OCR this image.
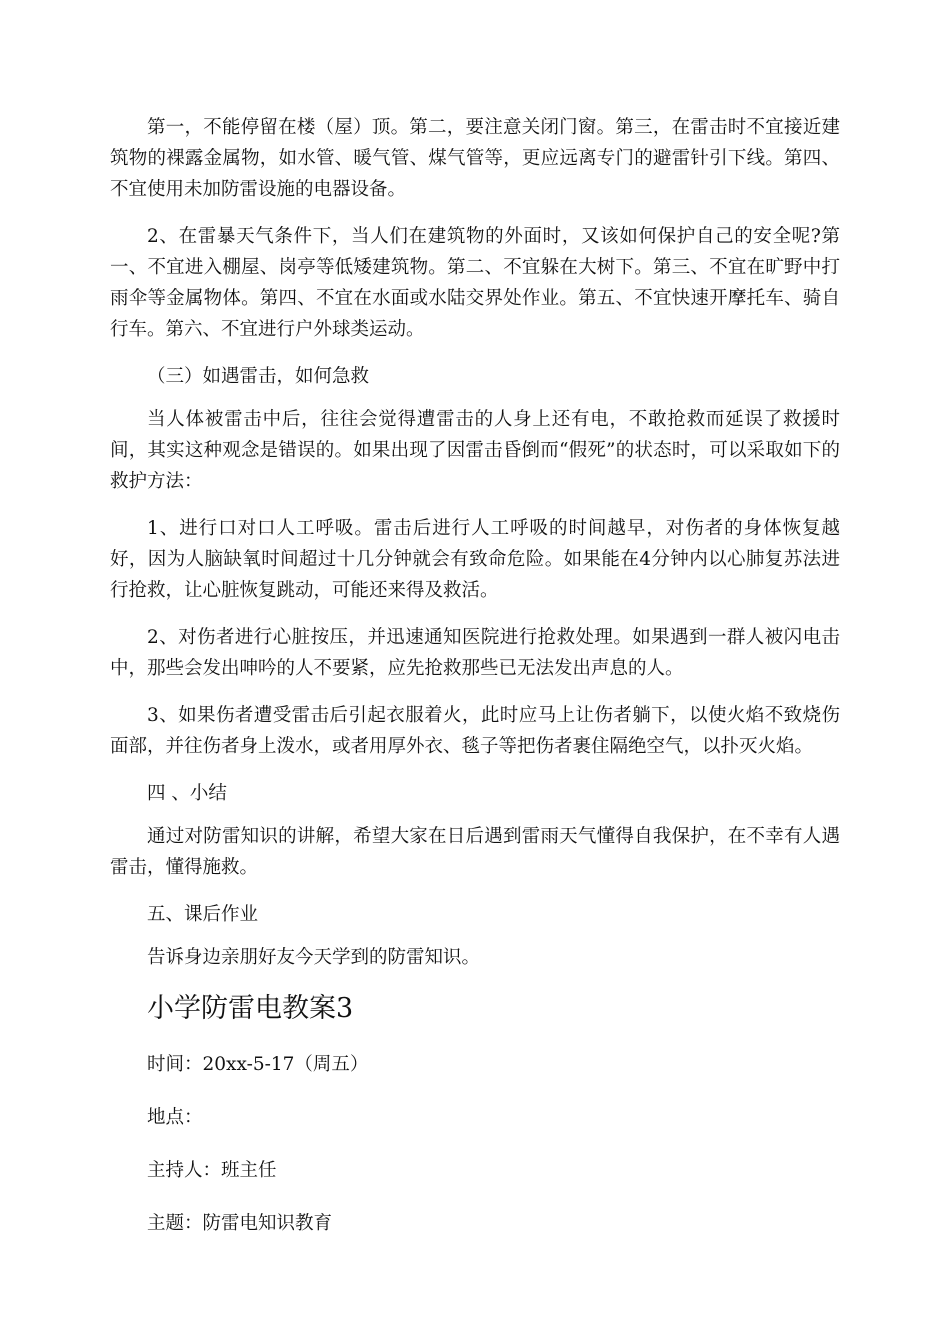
第一，不能停留在楼（屋）顶。第二，要注意关闭门窗。第三，在雷击时不宜接近建筑物的裸露金属物，如水管、暖气管、煤气管等，更应远离专门的避雷针引下线。第四、不宜使用未加防雷设施的电器设备。

2、在雷暴天气条件下，当人们在建筑物的外面时，又该如何保护自己的安全呢?第一、不宜进入棚屋、岗亭等低矮建筑物。第二、不宜躲在大树下。第三、不宜在旷野中打雨伞等金属物体。第四、不宜在水面或水陆交界处作业。第五、不宜快速开摩托车、骑自行车。第六、不宜进行户外球类运动。

（三）如遇雷击，如何急救

当人体被雷击中后，往往会觉得遭雷击的人身上还有电，不敢抢救而延误了救援时间，其实这种观念是错误的。如果出现了因雷击昏倒而“假死”的状态时，可以采取如下的救护方法：

1、进行口对口人工呼吸。雷击后进行人工呼吸的时间越早，对伤者的身体恢复越好，因为人脑缺氧时间超过十几分钟就会有致命危险。如果能在4分钟内以心肺复苏法进行抢救，让心脏恢复跳动，可能还来得及救活。

2、对伤者进行心脏按压，并迅速通知医院进行抢救处理。如果遇到一群人被闪电击中，那些会发出呻吟的人不要紧，应先抢救那些已无法发出声息的人。

3、如果伤者遭受雷击后引起衣服着火，此时应马上让伤者躺下，以使火焰不致烧伤面部，并往伤者身上泼水，或者用厚外衣、毯子等把伤者裹住隔绝空气，以扑灭火焰。

四 、小结

通过对防雷知识的讲解，希望大家在日后遇到雷雨天气懂得自我保护，在不幸有人遇雷击，懂得施救。

五、课后作业

告诉身边亲朋好友今天学到的防雷知识。

小学防雷电教案3
时间：20xx-5-17（周五）
地点：
主持人：班主任
主题：防雷电知识教育
